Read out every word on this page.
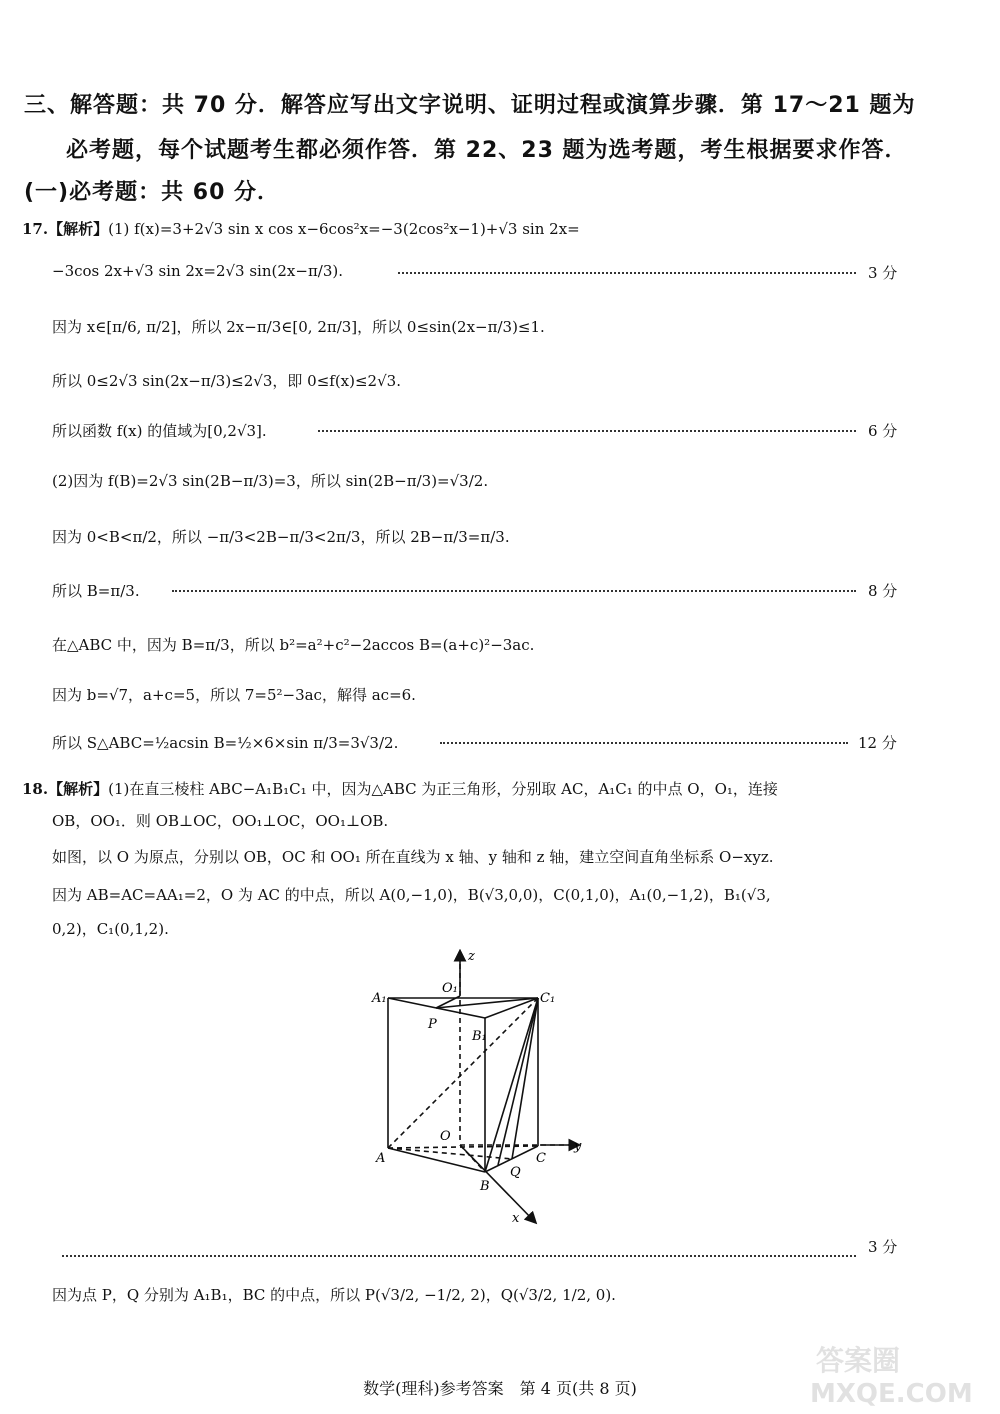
三、解答题：共 70 分．解答应写出文字说明、证明过程或演算步骤．第 17～21 题为
必考题，每个试题考生都必须作答．第 22、23 题为选考题，考生根据要求作答．
(一)必考题：共 60 分．
17.【解析】(1) f(x)=3+2√3 sin x cos x−6cos²x=−3(2cos²x−1)+√3 sin 2x=
−3cos 2x+√3 sin 2x=2√3 sin(2x−π/3).	3 分
因为 x∈[π/6, π/2]，所以 2x−π/3∈[0, 2π/3]，所以 0≤sin(2x−π/3)≤1.
所以 0≤2√3 sin(2x−π/3)≤2√3，即 0≤f(x)≤2√3.
所以函数 f(x) 的值域为[0,2√3].	6 分
(2)因为 f(B)=2√3 sin(2B−π/3)=3，所以 sin(2B−π/3)=√3/2.
因为 0<B<π/2，所以 −π/3<2B−π/3<2π/3，所以 2B−π/3=π/3.
所以 B=π/3.	8 分
在△ABC 中，因为 B=π/3，所以 b²=a²+c²−2accos B=(a+c)²−3ac.
因为 b=√7，a+c=5，所以 7=5²−3ac，解得 ac=6.
所以 S△ABC=½acsin B=½×6×sin π/3=3√3/2.	12 分
18.【解析】(1)在直三棱柱 ABC−A₁B₁C₁ 中，因为△ABC 为正三角形，分别取 AC，A₁C₁ 的中点 O，O₁，连接
OB，OO₁．则 OB⊥OC，OO₁⊥OC，OO₁⊥OB.
如图，以 O 为原点，分别以 OB，OC 和 OO₁ 所在直线为 x 轴、y 轴和 z 轴，建立空间直角坐标系 O−xyz.
因为 AB=AC=AA₁=2，O 为 AC 的中点，所以 A(0,−1,0)，B(√3,0,0)，C(0,1,0)，A₁(0,−1,2)，B₁(√3,
0,2)，C₁(0,1,2).
z
O₁
A₁	C₁
P
B₁
O
y
A	C
Q
B
x
3 分
因为点 P，Q 分别为 A₁B₁，BC 的中点，所以 P(√3/2, −1/2, 2)，Q(√3/2, 1/2, 0).
数学(理科)参考答案　第 4 页(共 8 页)
答案圈
MXQE.COM
